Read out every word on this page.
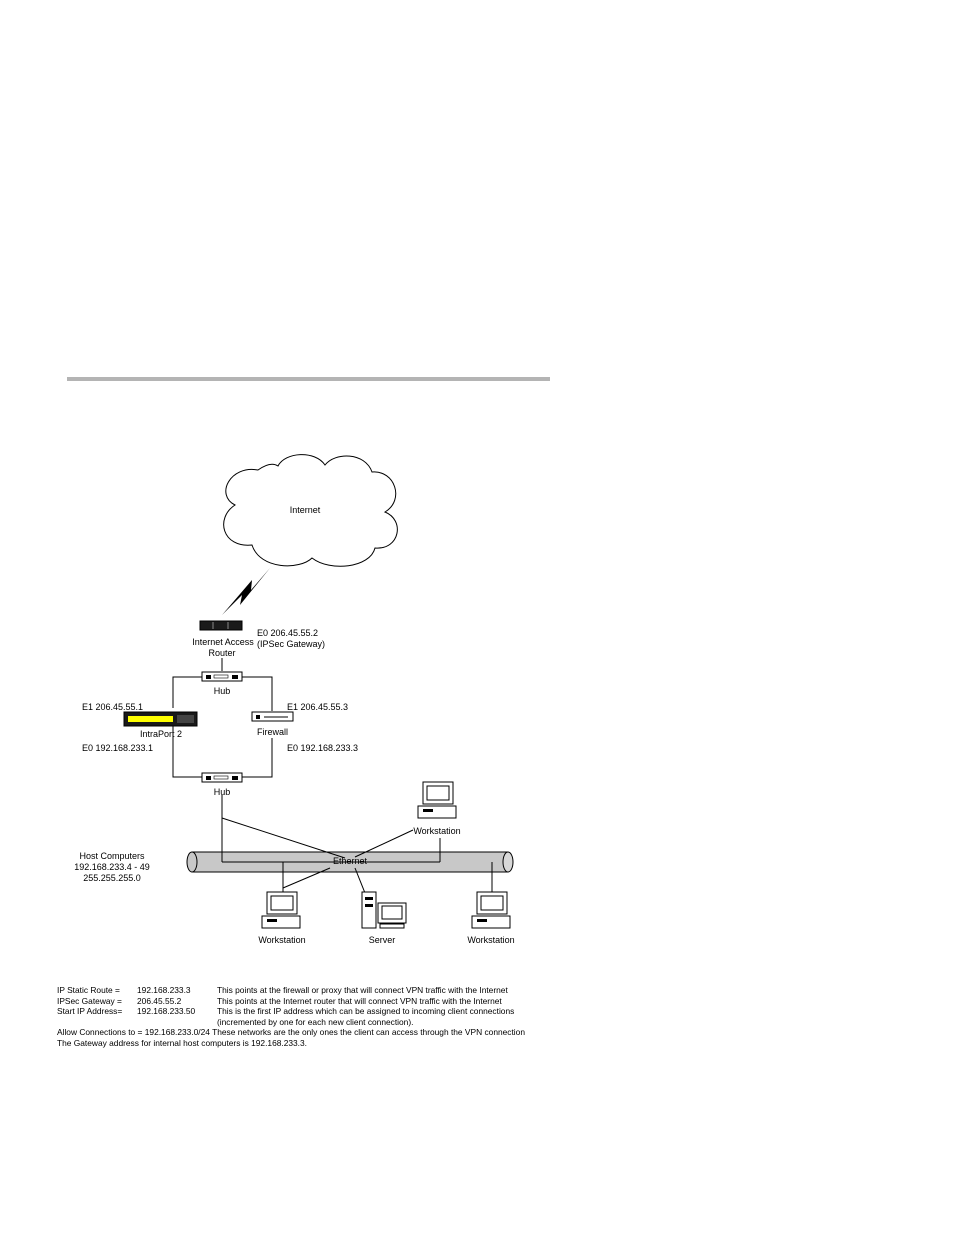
Internet
Internet Access
Router
E0 206.45.55.2
(IPSec Gateway)
Hub
E1 206.45.55.1
IntraPort 2
E0 192.168.233.1
E1 206.45.55.3
Firewall
E0 192.168.233.3
Hub
Ethernet
Host Computers
192.168.233.4 - 49
255.255.255.0
Workstation
Workstation	Server	Workstation
IP Static Route = 192.168.233.3	This points at the firewall or proxy that will connect VPN traffic with the Internet
IPSec Gateway = 206.45.55.2	This points at the Internet router that will connect VPN traffic with the Internet
Start IP Address= 192.168.233.50	This is the first IP address which can be assigned to incoming client connections
(incremented by one for each new client connection).
Allow Connections to = 192.168.233.0/24 These networks are the only ones the client can access through the VPN connection
The Gateway address for internal host computers is 192.168.233.3.
